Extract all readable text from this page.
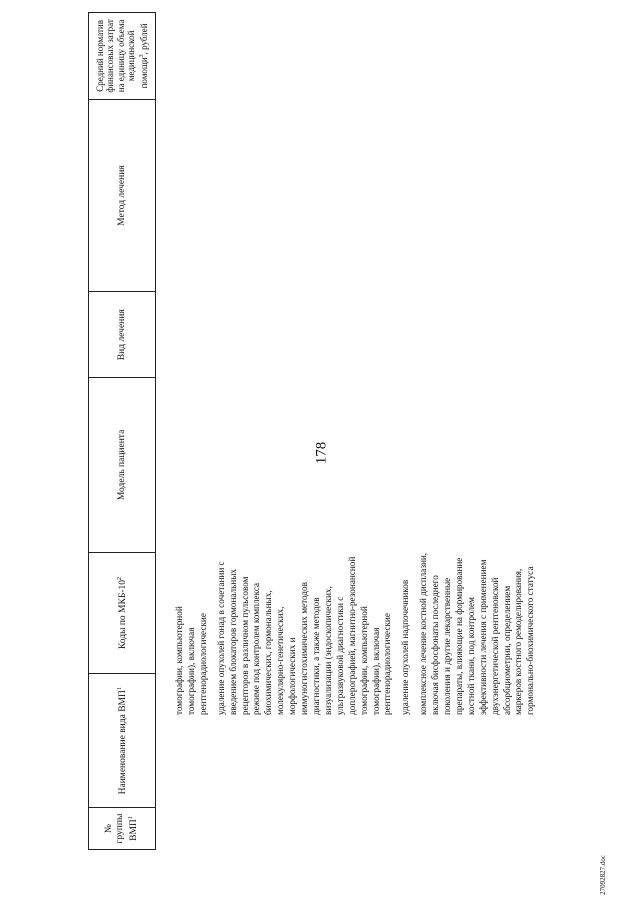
178
№ группы ВМП$^1$
Наименование вида ВМП$^1$
Коды по МКБ-$10^2$
Модель пациента
Вид лечения
Метод лечения
Средний норматив финансовых затрат на единицу объема медицинской помощи$^3$, рублей

томографии, компьютерной томографии), включая рентгенорадиологические удаление опухолей гонад в сочетании с введением блокаторов гормональных рецепторов в различном пульсовом режиме под контролем комплекса биохимических, гормональных, молекулярно-генетических, морфологических и иммуногистохимических методов диагностики, а также методов визуализации (эндоскопических, ультразвуковой диагностики с доплерографией, магнитно-резонансной томографии, компьютерной томографии), включая рентгенорадиологические удаление опухолей надпочечников комплексное лечение костной дисплазии, включая бисфосфонаты последнего поколения и другие лекарственные препараты, влияющие на формирование костной ткани, под контролем эффективности лечения с применением двухэнергетической рентгеновской абсорбциометрии, определением маркеров костного ремоделирования, гормонально-биохимического статуса

27092827.doc
